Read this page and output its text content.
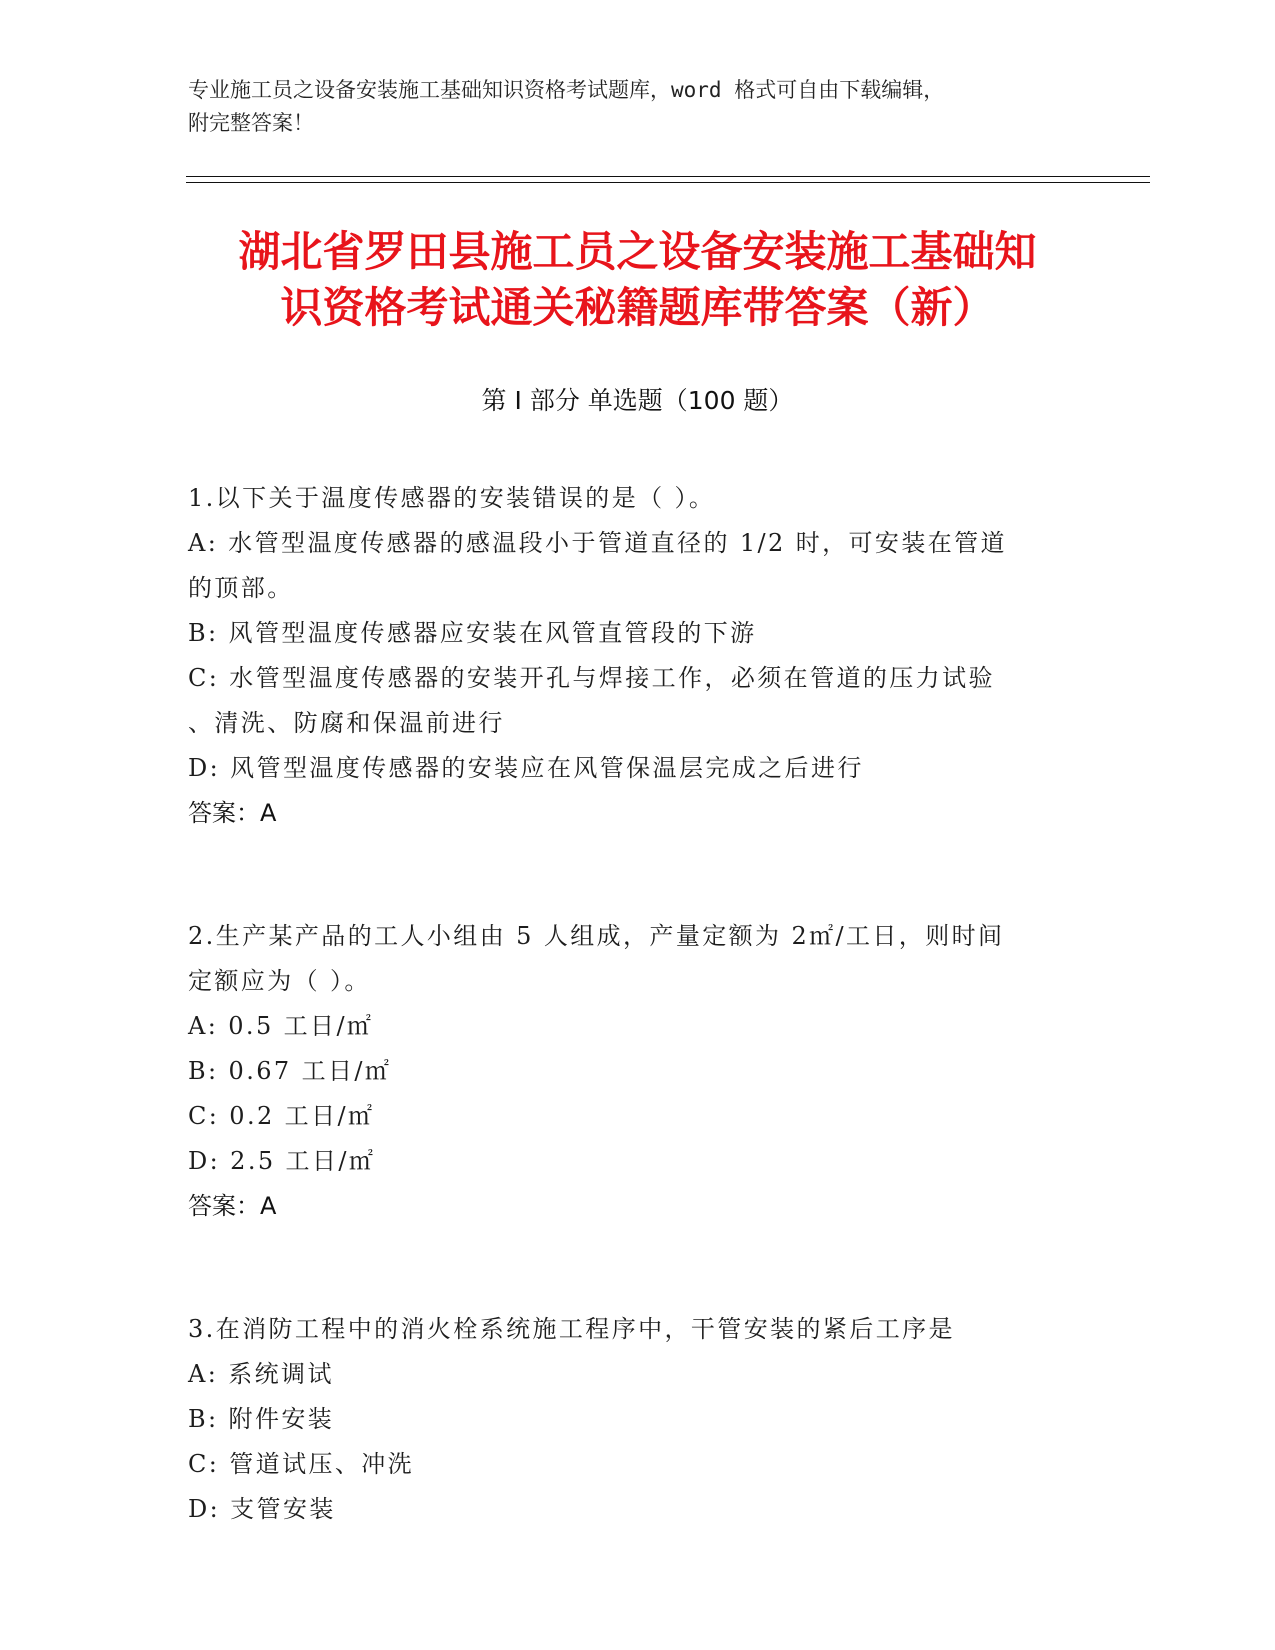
专业施工员之设备安装施工基础知识资格考试题库，word 格式可自由下载编辑，
附完整答案！
湖北省罗田县施工员之设备安装施工基础知
识资格考试通关秘籍题库带答案（新）
第 I 部分 单选题（100 题）
1.以下关于温度传感器的安装错误的是（ ）。
A: 水管型温度传感器的感温段小于管道直径的 1/2 时，可安装在管道
的顶部。
B: 风管型温度传感器应安装在风管直管段的下游
C: 水管型温度传感器的安装开孔与焊接工作，必须在管道的压力试验
、清洗、防腐和保温前进行
D: 风管型温度传感器的安装应在风管保温层完成之后进行
答案：A
2.生产某产品的工人小组由 5 人组成，产量定额为 2㎡/工日，则时间
定额应为（ ）。
A: 0.5 工日/㎡
B: 0.67 工日/㎡
C: 0.2 工日/㎡
D: 2.5 工日/㎡
答案：A
3.在消防工程中的消火栓系统施工程序中，干管安装的紧后工序是
A: 系统调试
B: 附件安装
C: 管道试压、冲洗
D: 支管安装
